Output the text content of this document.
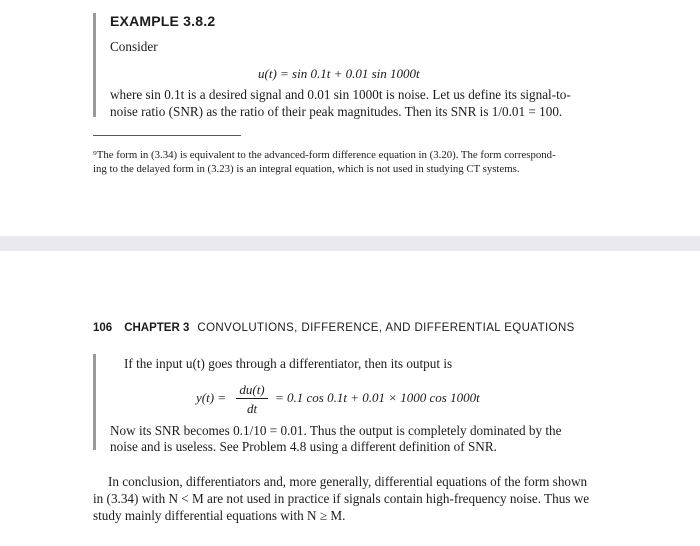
EXAMPLE 3.8.2
Consider
u(t) = sin 0.1t + 0.01 sin 1000t
where sin 0.1t is a desired signal and 0.01 sin 1000t is noise. Let us define its signal-to-
noise ratio (SNR) as the ratio of their peak magnitudes. Then its SNR is 1/0.01 = 100.
⁹The form in (3.34) is equivalent to the advanced-form difference equation in (3.20). The form correspond-
ing to the delayed form in (3.23) is an integral equation, which is not used in studying CT systems.
106 CHAPTER 3 CONVOLUTIONS, DIFFERENCE, AND DIFFERENTIAL EQUATIONS
If the input u(t) goes through a differentiator, then its output is
y(t) =
du(t)
dt
= 0.1 cos 0.1t + 0.01 × 1000 cos 1000t
Now its SNR becomes 0.1/10 = 0.01. Thus the output is completely dominated by the
noise and is useless. See Problem 4.8 using a different definition of SNR.
In conclusion, differentiators and, more generally, differential equations of the form shown
in (3.34) with N < M are not used in practice if signals contain high-frequency noise. Thus we
study mainly differential equations with N ≥ M.
